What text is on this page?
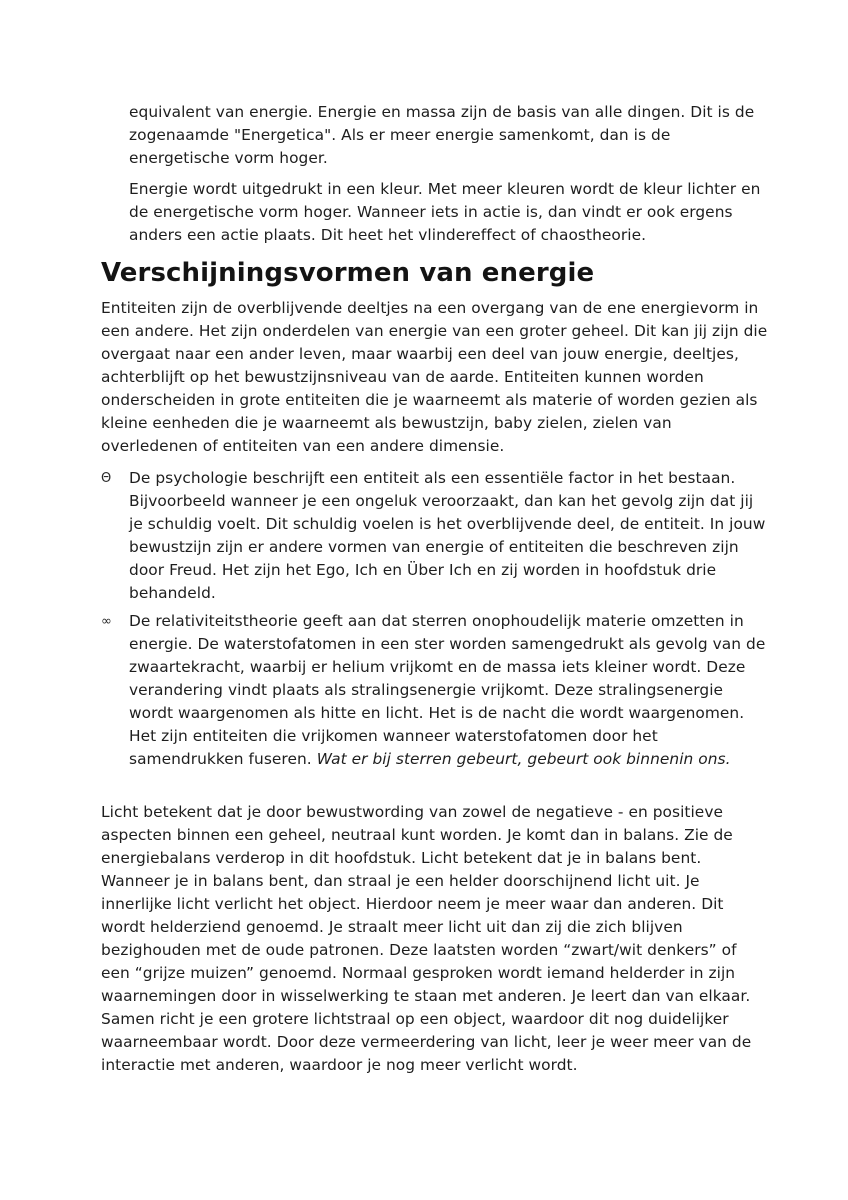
equivalent van energie. Energie en massa zijn de basis van alle dingen. Dit is de zogenaamde "Energetica". Als er meer energie samenkomt, dan is de energetische vorm hoger.

Energie wordt uitgedrukt in een kleur. Met meer kleuren wordt de kleur lichter en de energetische vorm hoger. Wanneer iets in actie is, dan vindt er ook ergens anders een actie plaats. Dit heet het vlindereffect of chaostheorie.

Verschijningsvormen van energie

Entiteiten zijn de overblijvende deeltjes na een overgang van de ene energievorm in een andere. Het zijn onderdelen van energie van een groter geheel. Dit kan jij zijn die overgaat naar een ander leven, maar waarbij een deel van jouw energie, deeltjes, achterblijft op het bewustzijnsniveau van de aarde. Entiteiten kunnen worden onderscheiden in grote entiteiten die je waarneemt als materie of worden gezien als kleine eenheden die je waarneemt als bewustzijn, baby zielen, zielen van overledenen of entiteiten van een andere dimensie.

Θ	De psychologie beschrijft een entiteit als een essentiële factor in het bestaan. Bijvoorbeeld wanneer je een ongeluk veroorzaakt, dan kan het gevolg zijn dat jij je schuldig voelt. Dit schuldig voelen is het overblijvende deel, de entiteit. In jouw bewustzijn zijn er andere vormen van energie of entiteiten die beschreven zijn door Freud. Het zijn het Ego, Ich en Über Ich en zij worden in hoofdstuk drie behandeld.

∞	De relativiteitstheorie geeft aan dat sterren onophoudelijk materie omzetten in energie. De waterstofatomen in een ster worden samengedrukt als gevolg van de zwaartekracht, waarbij er helium vrijkomt en de massa iets kleiner wordt. Deze verandering vindt plaats als stralingsenergie vrijkomt. Deze stralingsenergie wordt waargenomen als hitte en licht. Het is de nacht die wordt waargenomen. Het zijn entiteiten die vrijkomen wanneer waterstofatomen door het samendrukken fuseren. Wat er bij sterren gebeurt, gebeurt ook binnenin ons.

Licht betekent dat je door bewustwording van zowel de negatieve - en positieve aspecten binnen een geheel, neutraal kunt worden. Je komt dan in balans. Zie de energiebalans verderop in dit hoofdstuk. Licht betekent dat je in balans bent. Wanneer je in balans bent, dan straal je een helder doorschijnend licht uit. Je innerlijke licht verlicht het object. Hierdoor neem je meer waar dan anderen. Dit wordt helderziend genoemd. Je straalt meer licht uit dan zij die zich blijven bezighouden met de oude patronen. Deze laatsten worden “zwart/wit denkers” of een “grijze muizen” genoemd. Normaal gesproken wordt iemand helderder in zijn waarnemingen door in wisselwerking te staan met anderen. Je leert dan van elkaar. Samen richt je een grotere lichtstraal op een object, waardoor dit nog duidelijker waarneembaar wordt. Door deze vermeerdering van licht, leer je weer meer van de interactie met anderen, waardoor je nog meer verlicht wordt.
